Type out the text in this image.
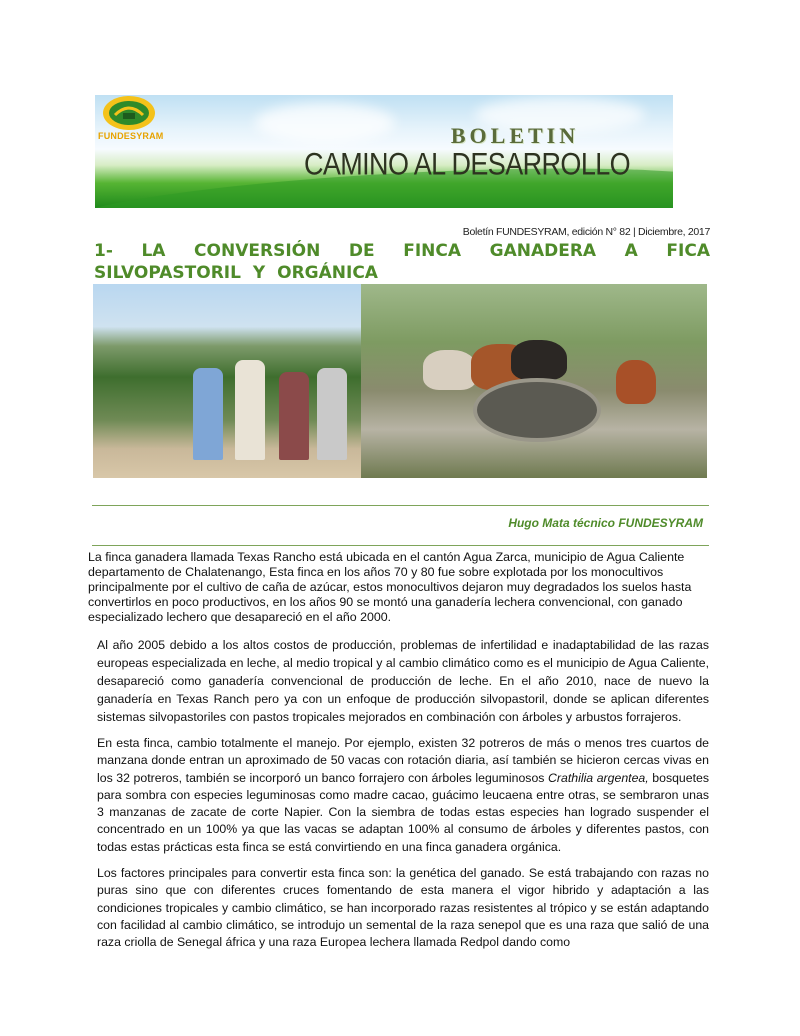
FUNDESYRAM	BOLETIN
CAMINO AL DESARROLLO
Boletín FUNDESYRAM, edición N° 82 | Diciembre, 2017
1- LA CONVERSIÓN DE FINCA GANADERA A FICA SILVOPASTORIL Y ORGÁNICA
Hugo Mata técnico FUNDESYRAM

La finca ganadera llamada Texas Rancho está ubicada en el cantón Agua Zarca, municipio de Agua Caliente departamento de Chalatenango, Esta finca en los años 70 y 80 fue sobre explotada por los monocultivos principalmente por el cultivo de caña de azúcar, estos monocultivos dejaron muy degradados los suelos hasta convertirlos en poco productivos, en los años 90 se montó una ganadería lechera convencional, con ganado especializado lechero que desapareció en el año 2000.

Al año 2005 debido a los altos costos de producción, problemas de infertilidad e inadaptabilidad de las razas europeas especializada en leche, al medio tropical y al cambio climático como es el municipio de Agua Caliente, desapareció como ganadería convencional de producción de leche. En el año 2010, nace de nuevo la ganadería en Texas Ranch pero ya con un enfoque de producción silvopastoril, donde se aplican diferentes sistemas silvopastoriles con pastos tropicales mejorados en combinación con árboles y arbustos forrajeros.

En esta finca, cambio totalmente el manejo. Por ejemplo, existen 32 potreros de más o menos tres cuartos de manzana donde entran un aproximado de 50 vacas con rotación diaria, así también se hicieron cercas vivas en los 32 potreros, también se incorporó un banco forrajero con árboles leguminosos Crathilia argentea, bosquetes para sombra con especies leguminosas como madre cacao, guácimo leucaena entre otras, se sembraron unas 3 manzanas de zacate de corte Napier. Con la siembra de todas estas especies han logrado suspender el concentrado en un 100% ya que las vacas se adaptan 100% al consumo de árboles y diferentes pastos, con todas estas prácticas esta finca se está convirtiendo en una finca ganadera orgánica.

Los factores principales para convertir esta finca son: la genética del ganado. Se está trabajando con razas no puras sino que con diferentes cruces fomentando de esta manera el vigor hibrido y adaptación a las condiciones tropicales y cambio climático, se han incorporado razas resistentes al trópico y se están adaptando con facilidad al cambio climático, se introdujo un semental de la raza senepol que es una raza que salió de una raza criolla de Senegal áfrica y una raza Europea lechera llamada Redpol dando como
